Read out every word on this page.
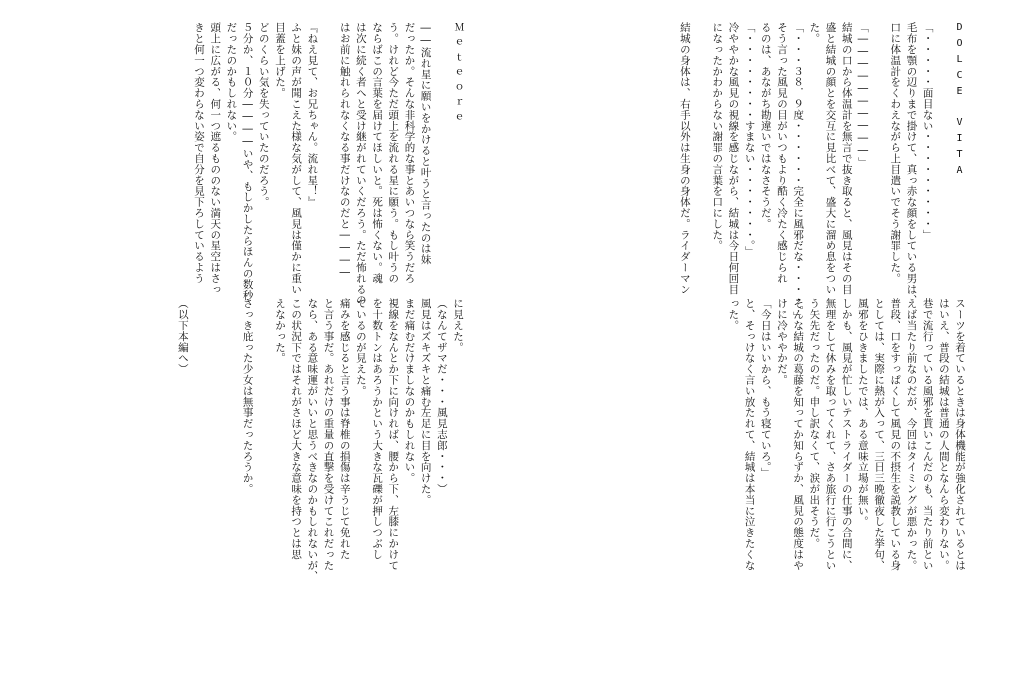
DOLCE　VITA
「・・・・・面目ない・・・・・・・・・」
毛布を顎の辺りまで掛けて、真っ赤な顔をしている男は、
口に体温計をくわえながら上目遣いでそう謝罪した。
「――――――――――」
結城の口から体温計を無言で抜き取ると、風見はその目
盛と結城の顔とを交互に見比べて、盛大に溜め息をつい
た。
「・・・３８．９度・・・・・・完全に風邪だな・・・・。」
そう言った風見の目がいつもより酷く冷たく感じられ
るのは、あながち勘違いではなさそうだ。
「・・・・・・・・すまない・・・・・・・。」
冷ややかな風見の視線を感じながら、結城は今日何回目
になったかわからない謝罪の言葉を口にした。
結城の身体は、右手以外は生身の身体だ。ライダーマン
スーツを着ているときは身体機能が強化されているとは
はいえ、普段の結城は普通の人間となんら変わりない。
巷で流行っている風邪を貰いこんだのも、当たり前とい
えば当たり前なのだが、今回はタイミングが悪かった。
普段、口をすっぱくして風見の不摂生を説教している身
としては、実際に熱が入って、三日三晩徹夜した挙句、
風邪をひきましたでは、ある意味立場が無い。
しかも、風見が忙しいテストライダーの仕事の合間に、
無理をして休みを取ってくれて、さあ旅行に行こうとい
う矢先だったのだ。申し訳なくて、涙が出そうだ。
そんな結城の葛藤を知ってか知らずか、風見の態度はや
けに冷ややかだ。
「今日はいいから、もう寝ていろ。」
と、そっけなく言い放たれて、結城は本当に泣きたくな
った。
Ｍｅｔｅｏｒｅ
――流れ星に願いをかけると叶うと言ったのは妹
だったか。そんな非科学的な事とあいつなら笑うだろ
う。けれど今ただ頭上を流れる星に願う。もし叶うの
ならばこの言葉を届けてほしいと。死は怖くない。魂
は次に続く者へと受け継がれていくだろう。ただ怖れるの
はお前に触れられなくなる事だけなのだと――――
『ねえ見て、お兄ちゃん。流れ星！』
ふと妹の声が聞こえた様な気がして、風見は僅かに重い
目蓋を上げた。
どのくらい気を失っていたのだろう。
５分か、１０分――――いや、もしかしたらほんの数秒
だったのかもしれない。
頭上に広がる、何一つ遮るもののない満天の星空はさっ
きと何一つ変わらない姿で自分を見下ろしているよう
に見えた。
（なんてザマだ・・・風見志郎・・・）
風見はズキズキと痛む左足に目を向けた。
まだ痛むだけましなのかもしれない。
視線をなんとか下に向ければ、腰から下、左膝にかけて
を十数トンはあろうかという大きな瓦礫が押しつぶし
ているのが見えた。
痛みを感じると言う事は脊椎の損傷は辛うじて免れた
と言う事だ。あれだけの重量の直撃を受けてこれだった
なら、ある意味運がいいと思うべきなのかもしれないが、
この状況下ではそれがさほど大きな意味を持つとは思
えなかった。
さっき庇った少女は無事だったろうか。
（以下本編へ）
